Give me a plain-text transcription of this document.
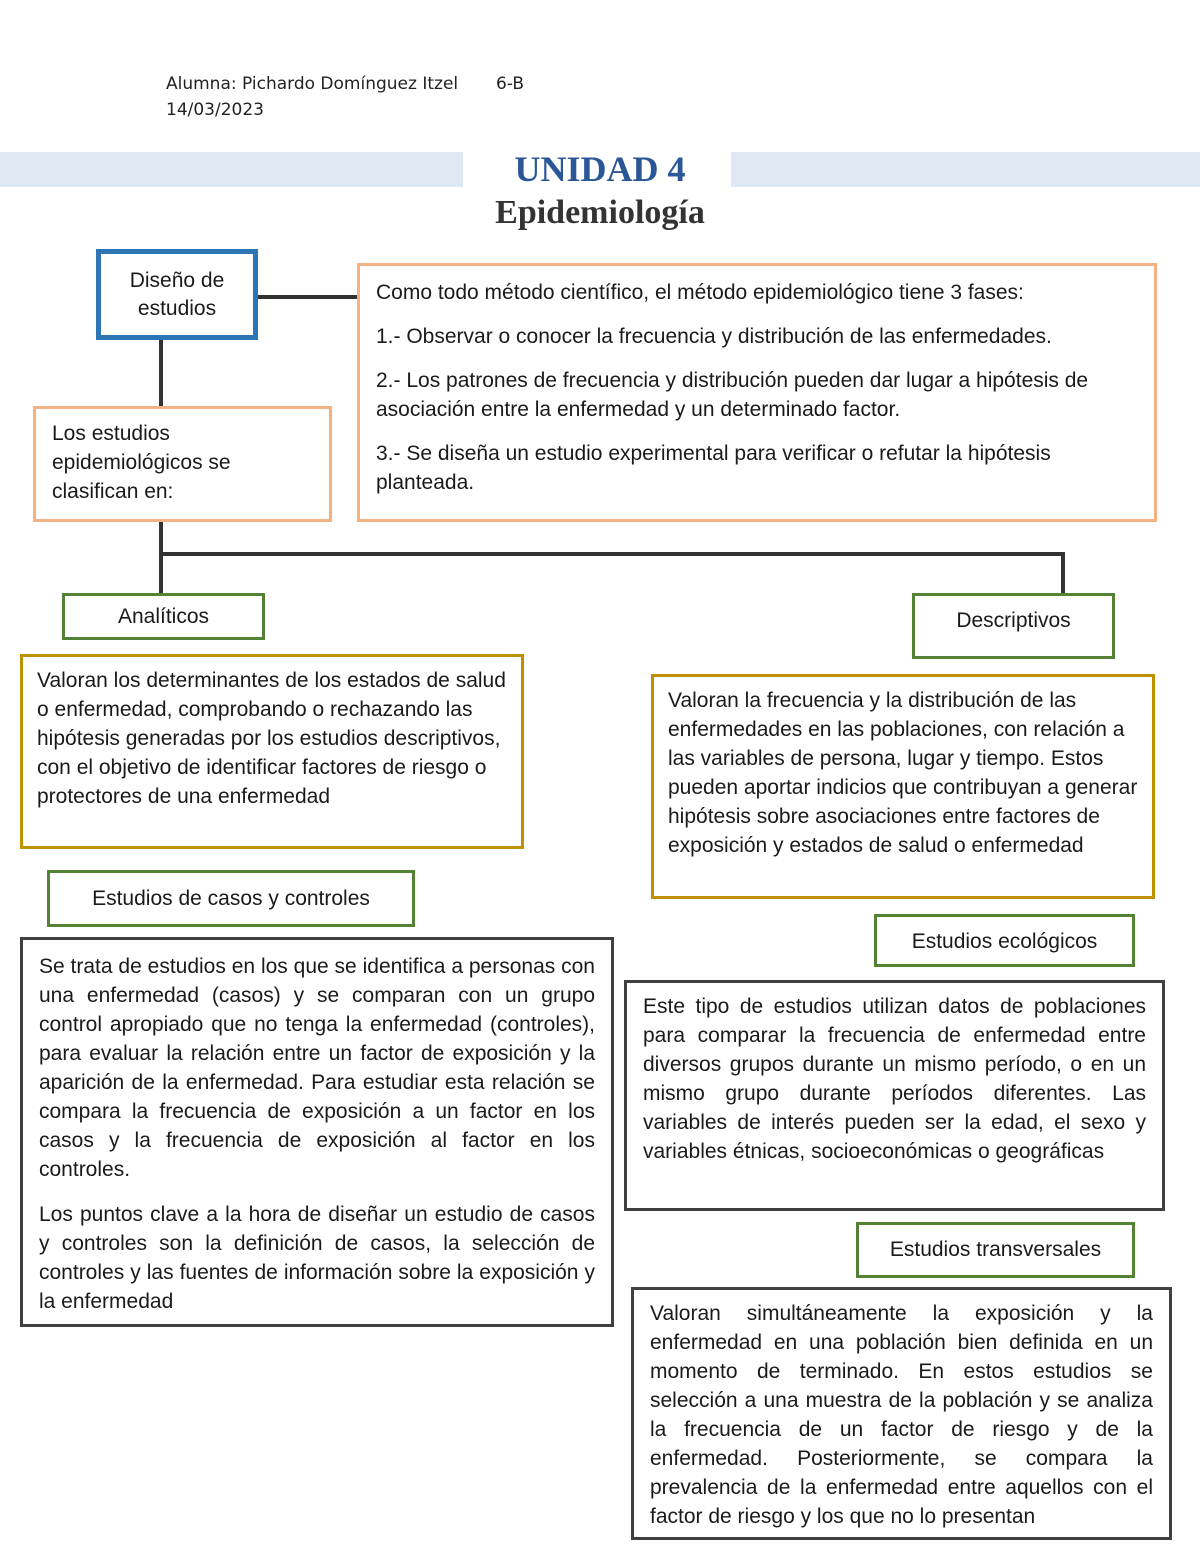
Alumna: Pichardo Domínguez Itzel 6-B
14/03/2023
UNIDAD 4
Epidemiología
Diseño de estudios

Como todo método científico, el método epidemiológico tiene 3 fases:

1.- Observar o conocer la frecuencia y distribución de las enfermedades.

2.- Los patrones de frecuencia y distribución pueden dar lugar a hipótesis de asociación entre la enfermedad y un determinado factor.

3.- Se diseña un estudio experimental para verificar o refutar la hipótesis planteada.

Los estudios epidemiológicos se clasifican en:

Analíticos

Valoran los determinantes de los estados de salud o enfermedad, comprobando o rechazando las hipótesis generadas por los estudios descriptivos, con el objetivo de identificar factores de riesgo o protectores de una enfermedad

Descriptivos

Valoran la frecuencia y la distribución de las enfermedades en las poblaciones, con relación a las variables de persona, lugar y tiempo. Estos pueden aportar indicios que contribuyan a generar hipótesis sobre asociaciones entre factores de exposición y estados de salud o enfermedad

Estudios de casos y controles

Se trata de estudios en los que se identifica a personas con una enfermedad (casos) y se comparan con un grupo control apropiado que no tenga la enfermedad (controles), para evaluar la relación entre un factor de exposición y la aparición de la enfermedad. Para estudiar esta relación se compara la frecuencia de exposición a un factor en los casos y la frecuencia de exposición al factor en los controles.

Los puntos clave a la hora de diseñar un estudio de casos y controles son la definición de casos, la selección de controles y las fuentes de información sobre la exposición y la enfermedad

Estudios ecológicos

Este tipo de estudios utilizan datos de poblaciones para comparar la frecuencia de enfermedad entre diversos grupos durante un mismo período, o en un mismo grupo durante períodos diferentes. Las variables de interés pueden ser la edad, el sexo y variables étnicas, socioeconómicas o geográficas

Estudios transversales

Valoran simultáneamente la exposición y la enfermedad en una población bien definida en un momento de terminado. En estos estudios se selección a una muestra de la población y se analiza la frecuencia de un factor de riesgo y de la enfermedad. Posteriormente, se compara la prevalencia de la enfermedad entre aquellos con el factor de riesgo y los que no lo presentan
